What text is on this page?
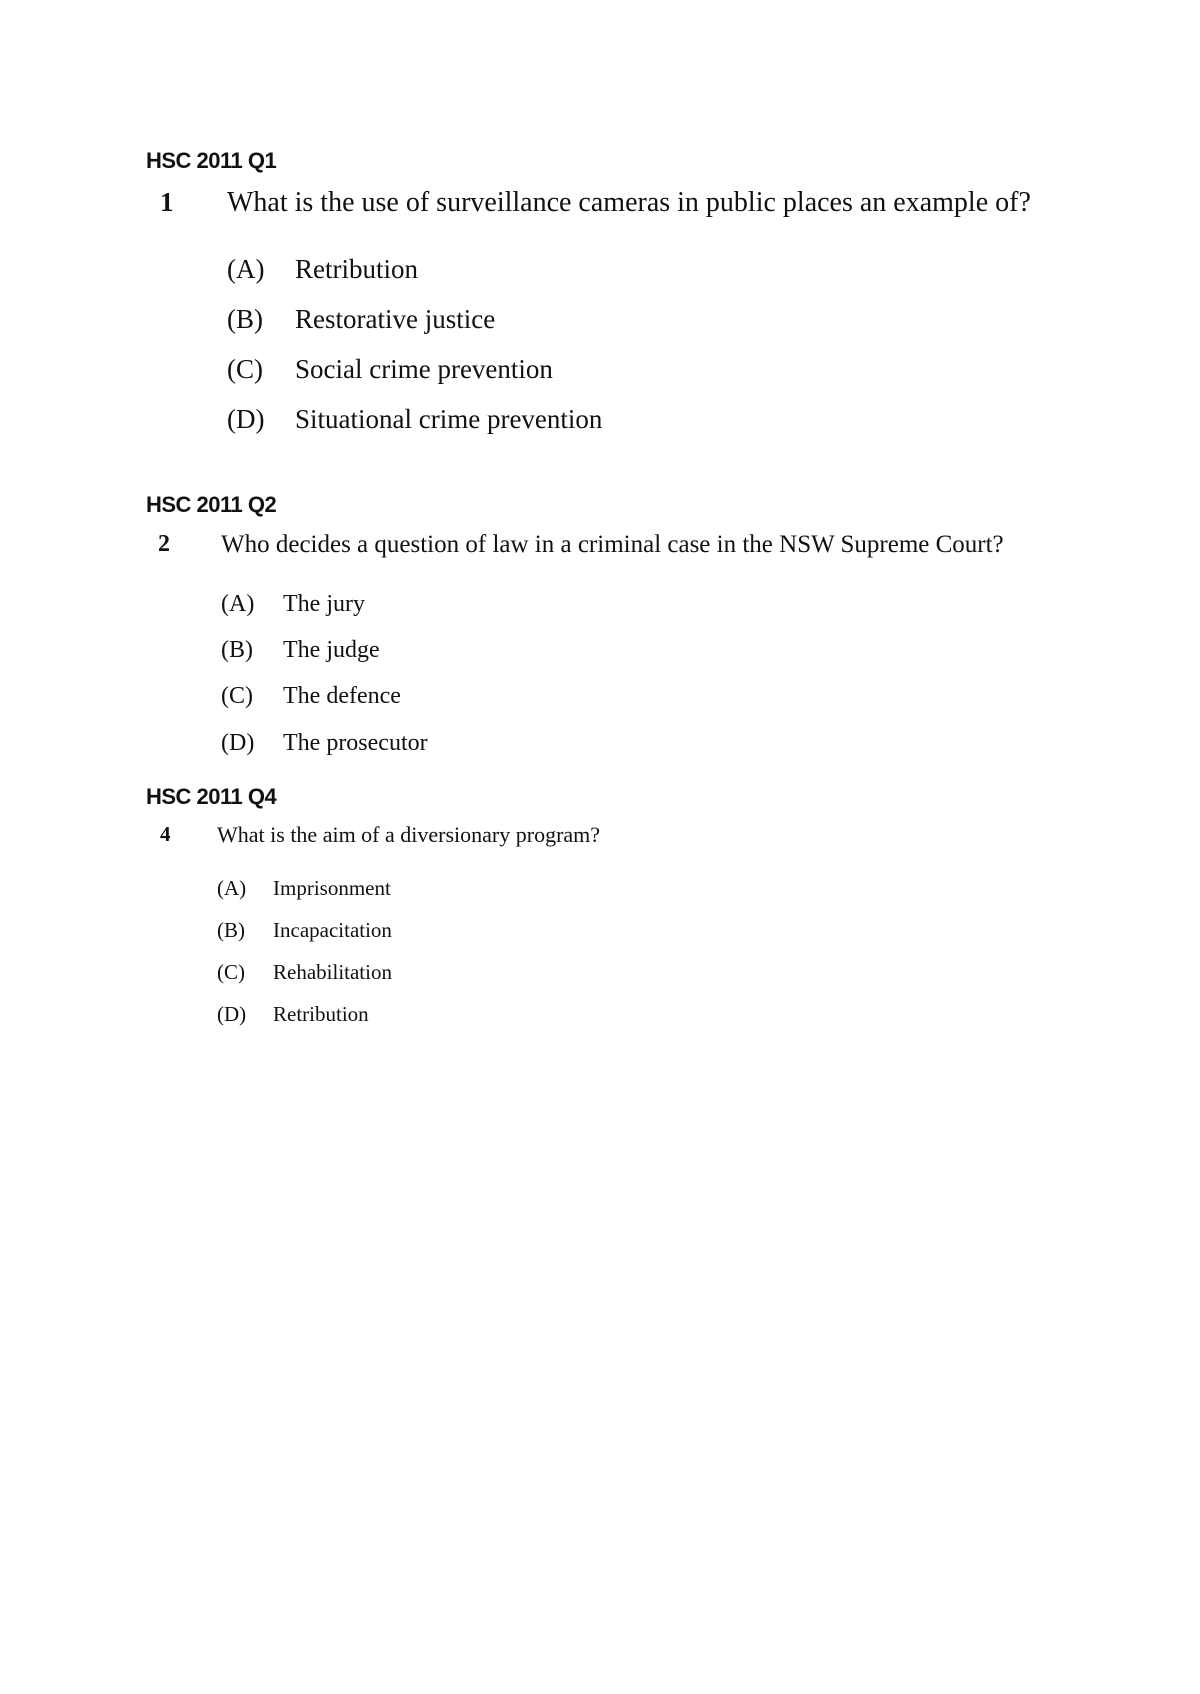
HSC 2011 Q1
1 What is the use of surveillance cameras in public places an example of?
(A) Retribution
(B) Restorative justice
(C) Social crime prevention
(D) Situational crime prevention
HSC 2011 Q2
2 Who decides a question of law in a criminal case in the NSW Supreme Court?
(A) The jury
(B) The judge
(C) The defence
(D) The prosecutor
HSC 2011 Q4
4 What is the aim of a diversionary program?
(A) Imprisonment
(B) Incapacitation
(C) Rehabilitation
(D) Retribution
